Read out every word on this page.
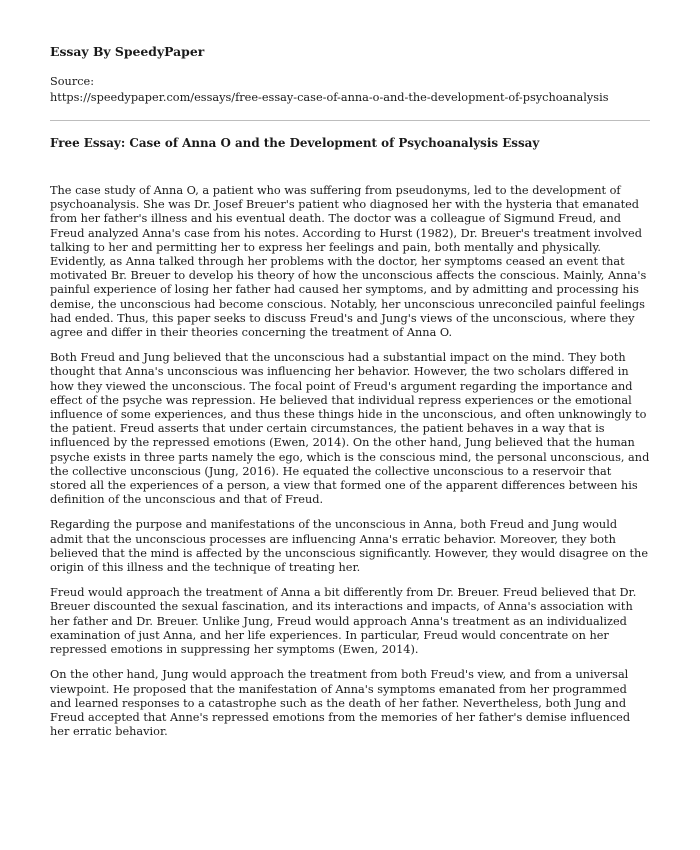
Essay By SpeedyPaper
Source:
https://speedypaper.com/essays/free-essay-case-of-anna-o-and-the-development-of-psychoanalysis
Free Essay: Case of Anna O and the Development of Psychoanalysis Essay

The case study of Anna O, a patient who was suffering from pseudonyms, led to the development of psychoanalysis. She was Dr. Josef Breuer's patient who diagnosed her with the hysteria that emanated from her father's illness and his eventual death. The doctor was a colleague of Sigmund Freud, and Freud analyzed Anna's case from his notes. According to Hurst (1982), Dr. Breuer's treatment involved talking to her and permitting her to express her feelings and pain, both mentally and physically. Evidently, as Anna talked through her problems with the doctor, her symptoms ceased an event that motivated Br. Breuer to develop his theory of how the unconscious affects the conscious. Mainly, Anna's painful experience of losing her father had caused her symptoms, and by admitting and processing his demise, the unconscious had become conscious. Notably, her unconscious unreconciled painful feelings had ended. Thus, this paper seeks to discuss Freud's and Jung's views of the unconscious, where they agree and differ in their theories concerning the treatment of Anna O.

Both Freud and Jung believed that the unconscious had a substantial impact on the mind. They both thought that Anna's unconscious was influencing her behavior. However, the two scholars differed in how they viewed the unconscious. The focal point of Freud's argument regarding the importance and effect of the psyche was repression. He believed that individual repress experiences or the emotional influence of some experiences, and thus these things hide in the unconscious, and often unknowingly to the patient. Freud asserts that under certain circumstances, the patient behaves in a way that is influenced by the repressed emotions (Ewen, 2014). On the other hand, Jung believed that the human psyche exists in three parts namely the ego, which is the conscious mind, the personal unconscious, and the collective unconscious (Jung, 2016). He equated the collective unconscious to a reservoir that stored all the experiences of a person, a view that formed one of the apparent differences between his definition of the unconscious and that of Freud.

Regarding the purpose and manifestations of the unconscious in Anna, both Freud and Jung would admit that the unconscious processes are influencing Anna's erratic behavior. Moreover, they both believed that the mind is affected by the unconscious significantly. However, they would disagree on the origin of this illness and the technique of treating her.

Freud would approach the treatment of Anna a bit differently from Dr. Breuer. Freud believed that Dr. Breuer discounted the sexual fascination, and its interactions and impacts, of Anna's association with her father and Dr. Breuer. Unlike Jung, Freud would approach Anna's treatment as an individualized examination of just Anna, and her life experiences. In particular, Freud would concentrate on her repressed emotions in suppressing her symptoms (Ewen, 2014).

On the other hand, Jung would approach the treatment from both Freud's view, and from a universal viewpoint. He proposed that the manifestation of Anna's symptoms emanated from her programmed and learned responses to a catastrophe such as the death of her father. Nevertheless, both Jung and Freud accepted that Anne's repressed emotions from the memories of her father's demise influenced her erratic behavior.
